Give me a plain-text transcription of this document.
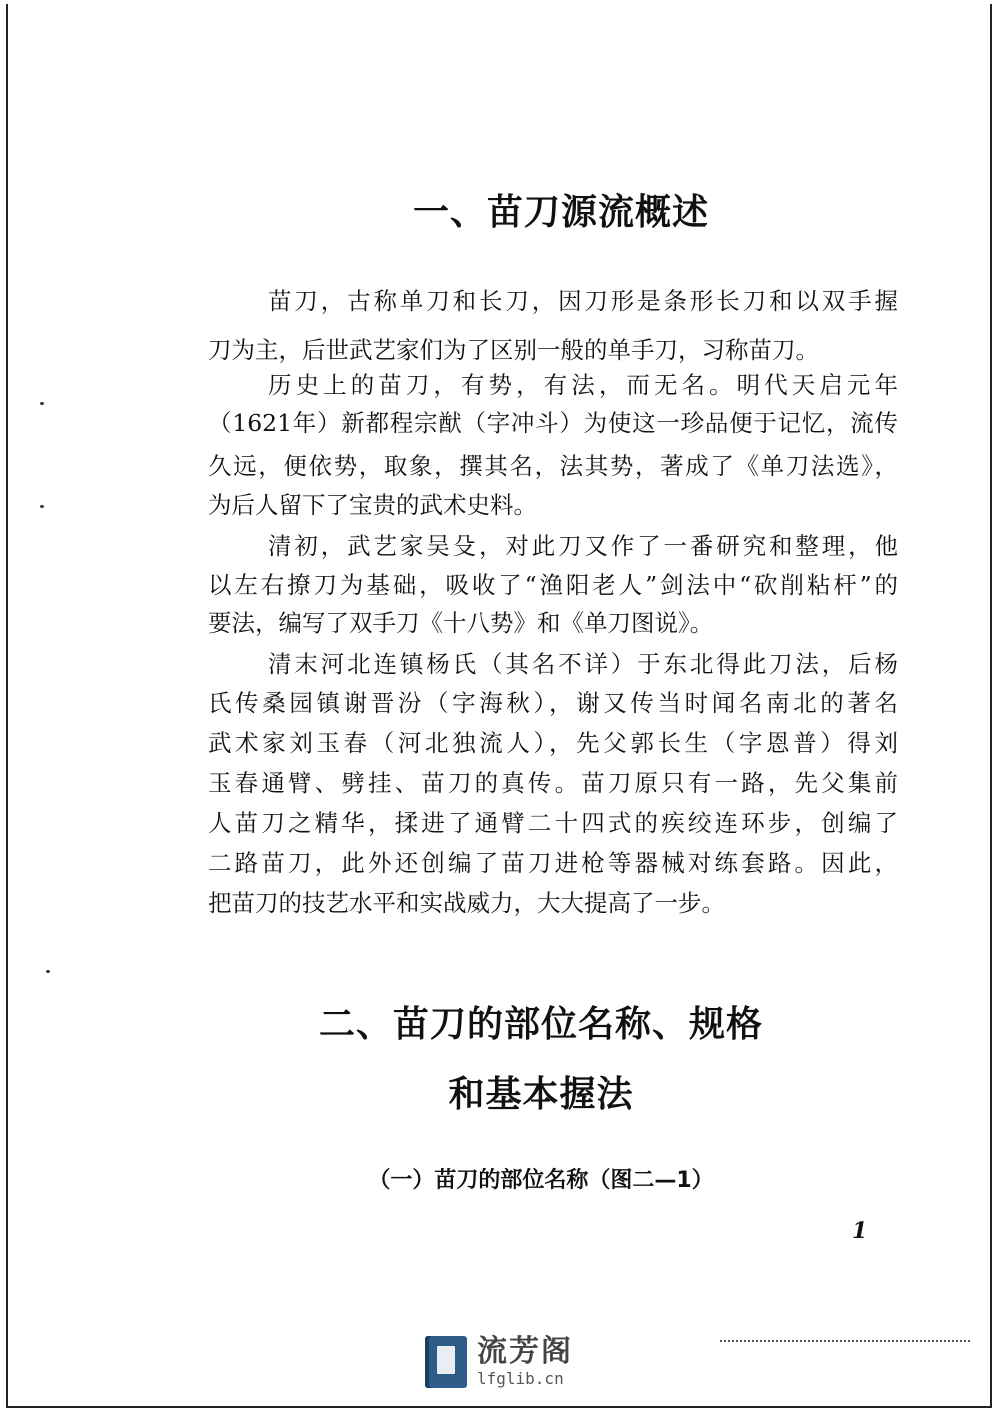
一、苗刀源流概述
苗刀，古称单刀和长刀，因刀形是条形长刀和以双手握
刀为主，后世武艺家们为了区别一般的单手刀，习称苗刀。
历史上的苗刀，有势，有法，而无名。明代天启元年
（1621年）新都程宗猷（字冲斗）为使这一珍品便于记忆，流传
久远，便依势，取象，撰其名，法其势，著成了《单刀法选》，
为后人留下了宝贵的武术史料。
清初，武艺家吴殳，对此刀又作了一番研究和整理，他
以左右撩刀为基础，吸收了“渔阳老人”剑法中“砍削粘杆”的
要法，编写了双手刀《十八势》和《单刀图说》。
清末河北连镇杨氏（其名不详）于东北得此刀法，后杨
氏传桑园镇谢晋汾（字海秋），谢又传当时闻名南北的著名
武术家刘玉春（河北独流人），先父郭长生（字恩普）得刘
玉春通臂、劈挂、苗刀的真传。苗刀原只有一路，先父集前
人苗刀之精华，揉进了通臂二十四式的疾绞连环步，创编了
二路苗刀，此外还创编了苗刀进枪等器械对练套路。因此，
把苗刀的技艺水平和实战威力，大大提高了一步。
二、苗刀的部位名称、规格
和基本握法
（一）苗刀的部位名称（图二—1）
1
流芳阁
lfglib.cn
